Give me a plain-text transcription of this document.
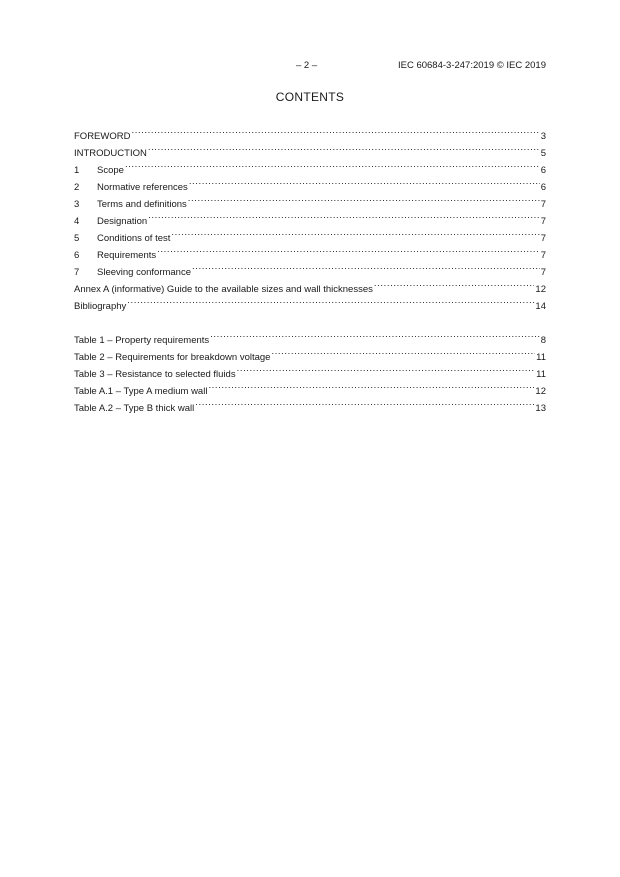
– 2 –	IEC 60684-3-247:2019 © IEC 2019
CONTENTS
FOREWORD .....	3
INTRODUCTION .....	5
1	Scope .....	6
2	Normative references .....	6
3	Terms and definitions .....	7
4	Designation .....	7
5	Conditions of test .....	7
6	Requirements .....	7
7	Sleeving conformance .....	7
Annex A (informative) Guide to the available sizes and wall thicknesses .....	12
Bibliography .....	14
Table 1 – Property requirements .....	8
Table 2 – Requirements for breakdown voltage .....	11
Table 3 – Resistance to selected fluids .....	11
Table A.1 – Type A medium wall .....	12
Table A.2 – Type B thick wall .....	13
